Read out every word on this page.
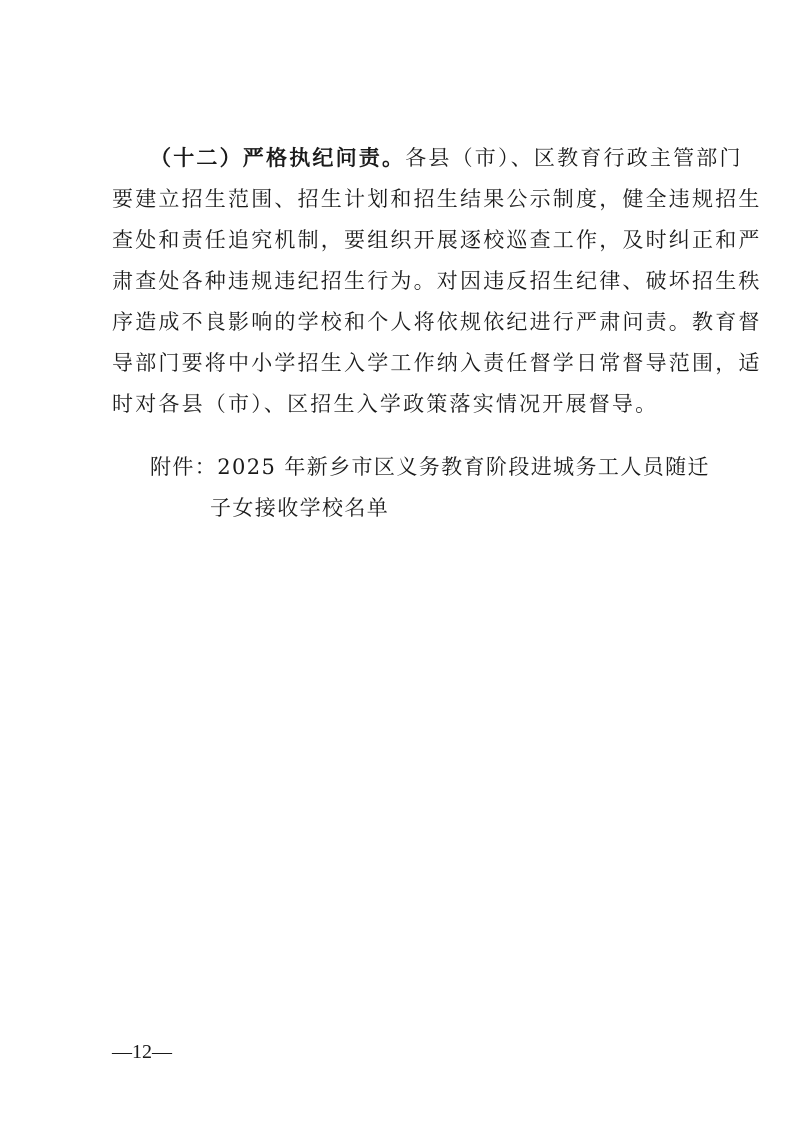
（十二）严格执纪问责。各县（市）、区教育行政主管部门
要建立招生范围、招生计划和招生结果公示制度，健全违规招生
查处和责任追究机制，要组织开展逐校巡查工作，及时纠正和严
肃查处各种违规违纪招生行为。对因违反招生纪律、破坏招生秩
序造成不良影响的学校和个人将依规依纪进行严肃问责。教育督
导部门要将中小学招生入学工作纳入责任督学日常督导范围，适
时对各县（市）、区招生入学政策落实情况开展督导。
附件：2025 年新乡市区义务教育阶段进城务工人员随迁
子女接收学校名单
—12—
